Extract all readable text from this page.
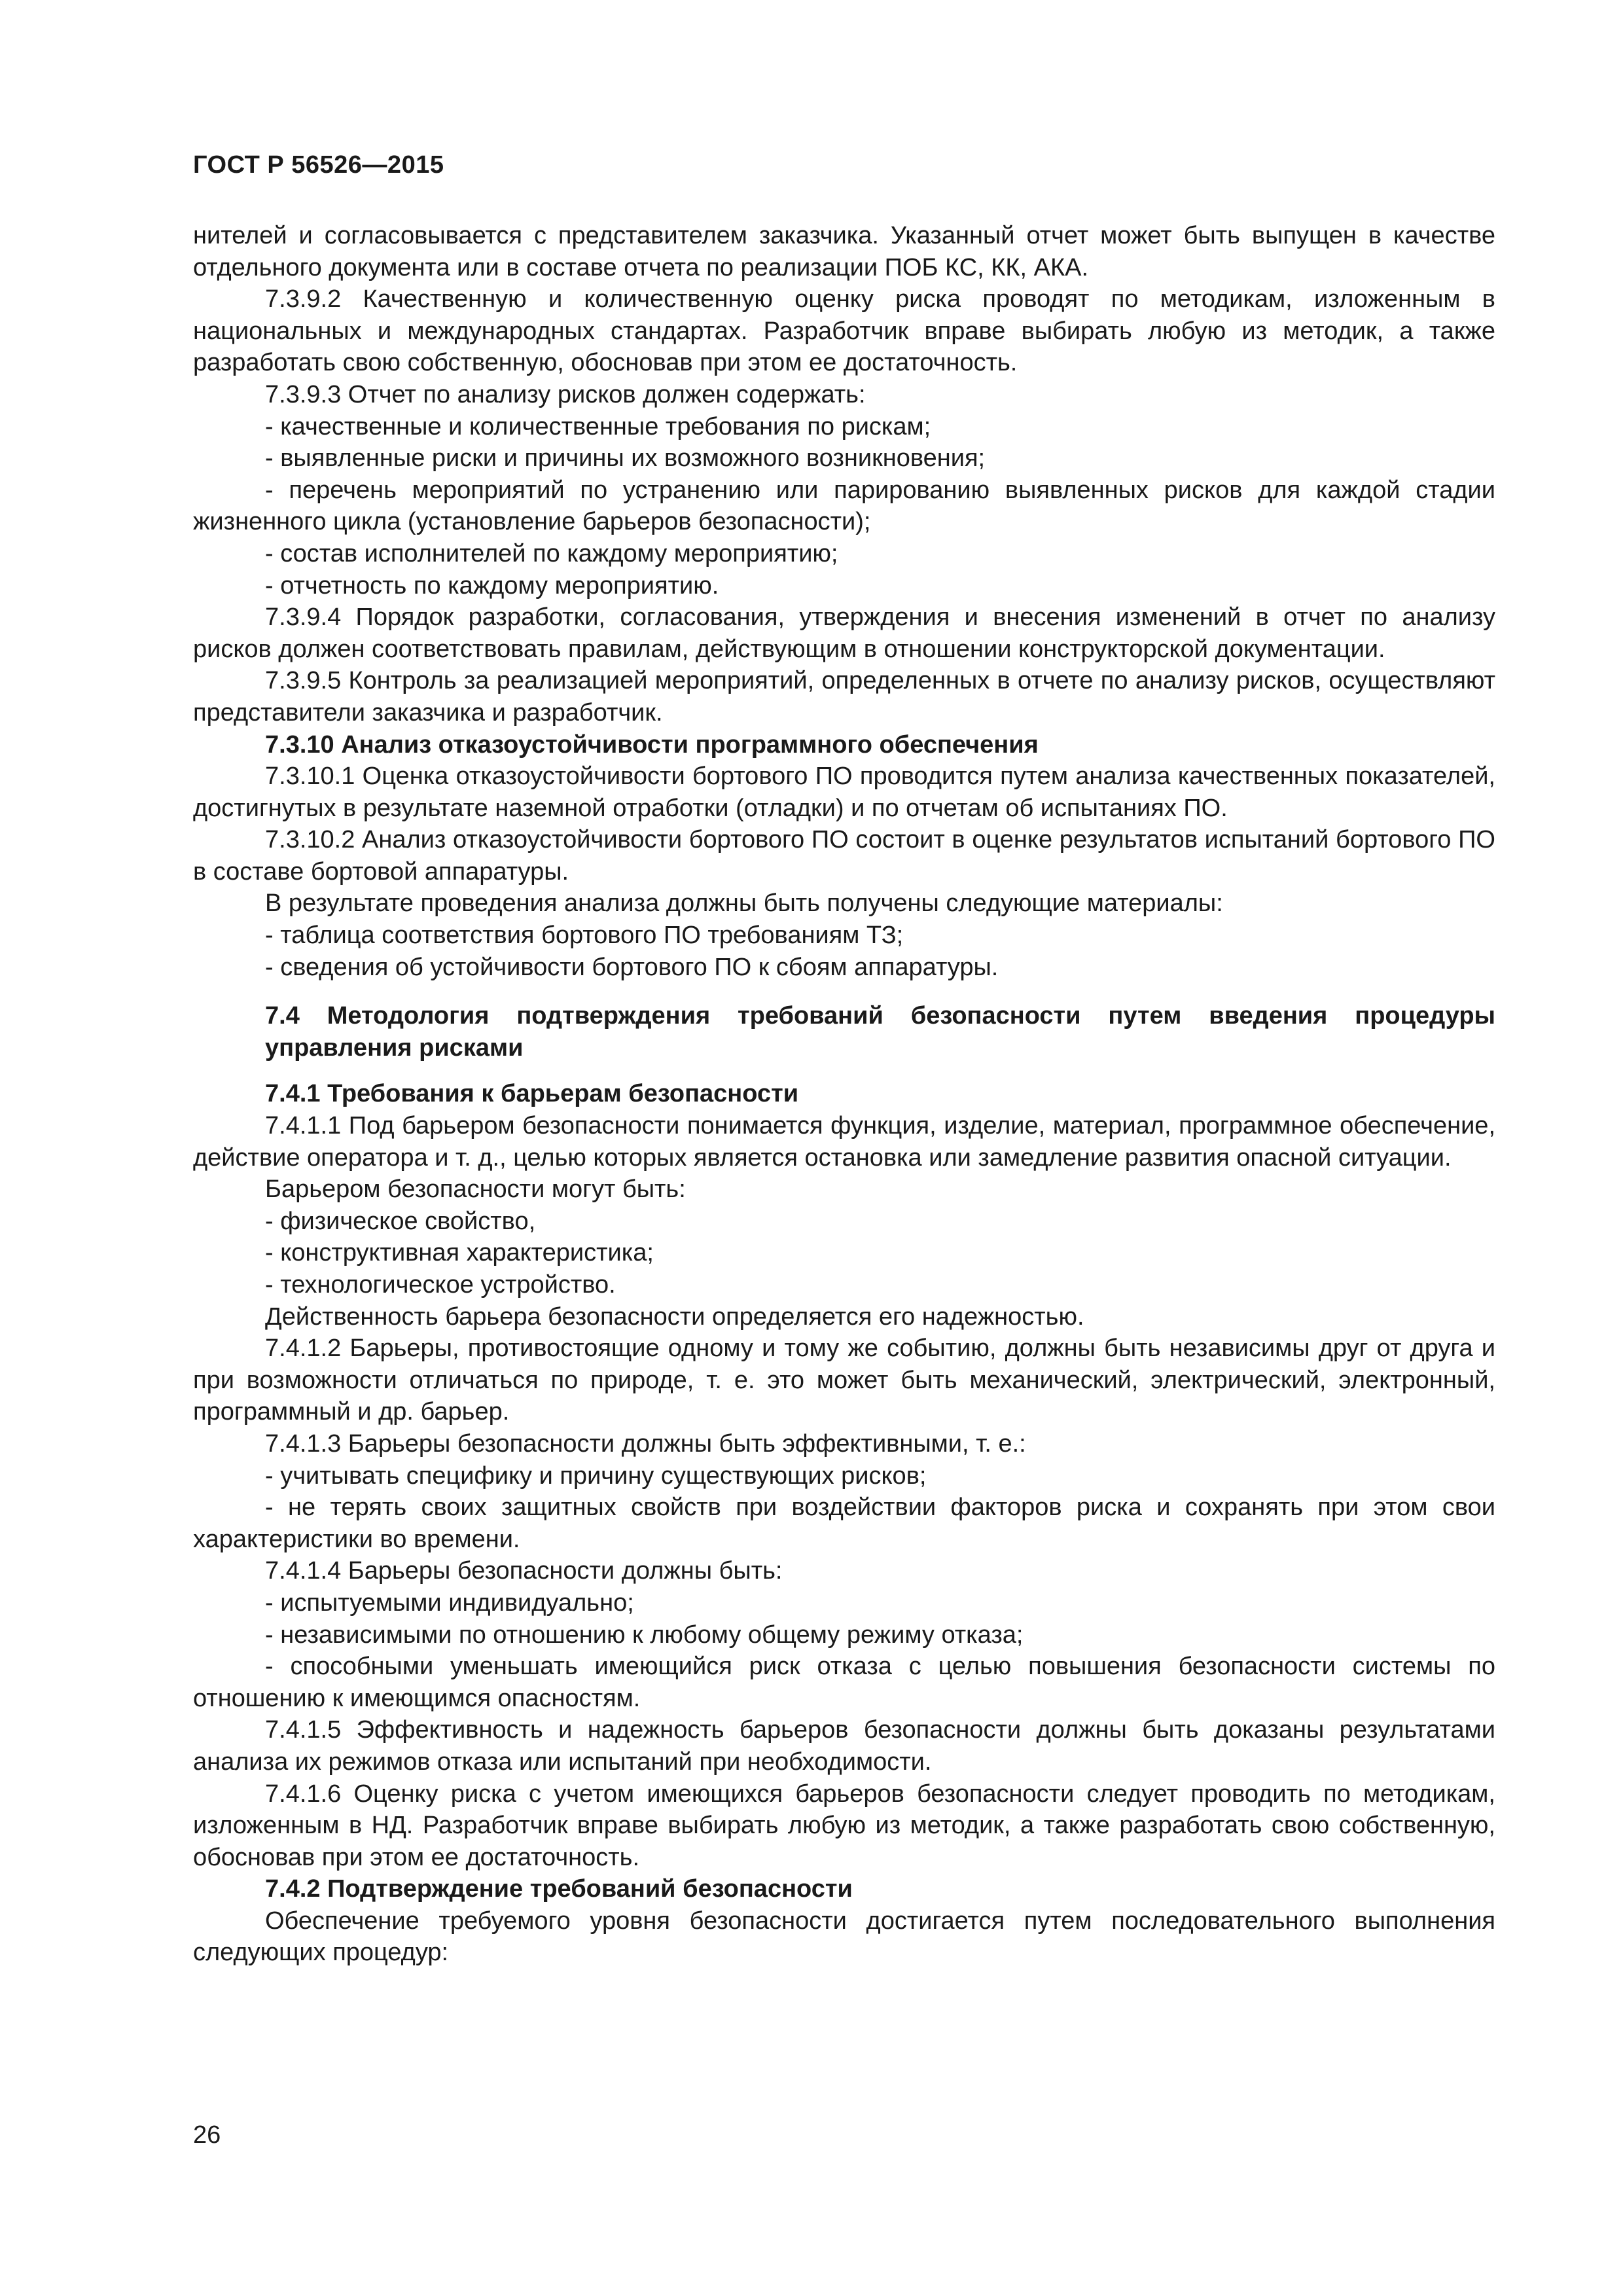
ГОСТ Р 56526—2015

нителей и согласовывается с представителем заказчика. Указанный отчет может быть выпущен в качестве отдельного документа или в составе отчета по реализации ПОБ КС, КК, АКА.

7.3.9.2 Качественную и количественную оценку риска проводят по методикам, изложенным в национальных и международных стандартах. Разработчик вправе выбирать любую из методик, а также разработать свою собственную, обосновав при этом ее достаточность.

7.3.9.3 Отчет по анализу рисков должен содержать:

- качественные и количественные требования по рискам;

- выявленные риски и причины их возможного возникновения;

- перечень мероприятий по устранению или парированию выявленных рисков для каждой стадии жизненного цикла (установление барьеров безопасности);

- состав исполнителей по каждому мероприятию;

- отчетность по каждому мероприятию.

7.3.9.4 Порядок разработки, согласования, утверждения и внесения изменений в отчет по анализу рисков должен соответствовать правилам, действующим в отношении конструкторской документации.

7.3.9.5 Контроль за реализацией мероприятий, определенных в отчете по анализу рисков, осуществляют представители заказчика и разработчик.

7.3.10 Анализ отказоустойчивости программного обеспечения

7.3.10.1 Оценка отказоустойчивости бортового ПО проводится путем анализа качественных показателей, достигнутых в результате наземной отработки (отладки) и по отчетам об испытаниях ПО.

7.3.10.2 Анализ отказоустойчивости бортового ПО состоит в оценке результатов испытаний бортового ПО в составе бортовой аппаратуры.

В результате проведения анализа должны быть получены следующие материалы:

- таблица соответствия бортового ПО требованиям ТЗ;

- сведения об устойчивости бортового ПО к сбоям аппаратуры.

7.4 Методология подтверждения требований безопасности путем введения процедуры управления рисками

7.4.1 Требования к барьерам безопасности

7.4.1.1 Под барьером безопасности понимается функция, изделие, материал, программное обеспечение, действие оператора и т. д., целью которых является остановка или замедление развития опасной ситуации.

Барьером безопасности могут быть:

- физическое свойство,

- конструктивная характеристика;

- технологическое устройство.

Действенность барьера безопасности определяется его надежностью.

7.4.1.2 Барьеры, противостоящие одному и тому же событию, должны быть независимы друг от друга и при возможности отличаться по природе, т. е. это может быть механический, электрический, электронный, программный и др. барьер.

7.4.1.3 Барьеры безопасности должны быть эффективными, т. е.:

- учитывать специфику и причину существующих рисков;

- не терять своих защитных свойств при воздействии факторов риска и сохранять при этом свои характеристики во времени.

7.4.1.4 Барьеры безопасности должны быть:

- испытуемыми индивидуально;

- независимыми по отношению к любому общему режиму отказа;

- способными уменьшать имеющийся риск отказа с целью повышения безопасности системы по отношению к имеющимся опасностям.

7.4.1.5 Эффективность и надежность барьеров безопасности должны быть доказаны результатами анализа их режимов отказа или испытаний при необходимости.

7.4.1.6 Оценку риска с учетом имеющихся барьеров безопасности следует проводить по методикам, изложенным в НД. Разработчик вправе выбирать любую из методик, а также разработать свою собственную, обосновав при этом ее достаточность.

7.4.2 Подтверждение требований безопасности

Обеспечение требуемого уровня безопасности достигается путем последовательного выполнения следующих процедур:

26
